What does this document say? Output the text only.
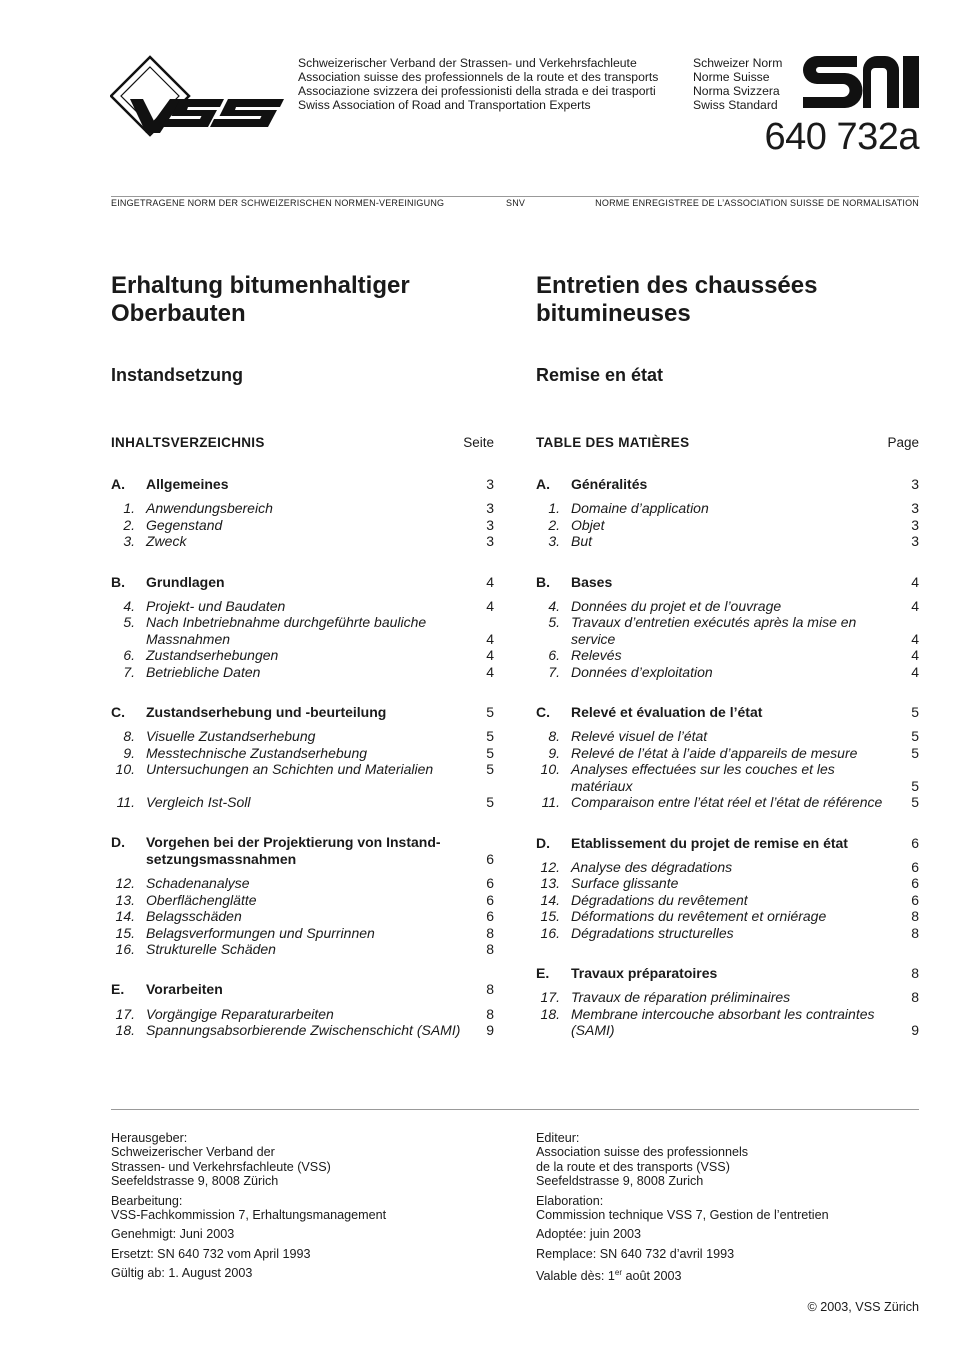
Schweizerischer Verband der Strassen- und Verkehrsfachleute
Association suisse des professionnels de la route et des transports
Associazione svizzera dei professionisti della strada e dei trasporti
Swiss Association of Road and Transportation Experts
Schweizer Norm
Norme Suisse
Norma Svizzera
Swiss Standard
640 732a
EINGETRAGENE NORM DER SCHWEIZERISCHEN NORMEN-VEREINIGUNG	SNV	NORME ENREGISTREE DE L’ASSOCIATION SUISSE DE NORMALISATION
Erhaltung bitumenhaltiger Oberbauten
Instandsetzung
INHALTSVERZEICHNIS	Seite
A. Allgemeines	3
1. Anwendungsbereich	3
2. Gegenstand	3
3. Zweck	3
B. Grundlagen	4
4. Projekt- und Baudaten	4
5. Nach Inbetriebnahme durchgeführte bauliche Massnahmen	4
6. Zustandserhebungen	4
7. Betriebliche Daten	4
C. Zustandserhebung und -beurteilung	5
8. Visuelle Zustandserhebung	5
9. Messtechnische Zustandserhebung	5
10. Untersuchungen an Schichten und Materialien	5
11. Vergleich Ist-Soll	5
D. Vorgehen bei der Projektierung von Instand-setzungsmassnahmen	6
12. Schadenanalyse	6
13. Oberflächenglätte	6
14. Belagsschäden	6
15. Belagsverformungen und Spurrinnen	8
16. Strukturelle Schäden	8
E. Vorarbeiten	8
17. Vorgängige Reparaturarbeiten	8
18. Spannungsabsorbierende Zwischenschicht (SAMI)	9
Entretien des chaussées bitumineuses
Remise en état
TABLE DES MATIÈRES	Page
A. Généralités	3
1. Domaine d’application	3
2. Objet	3
3. But	3
B. Bases	4
4. Données du projet et de l’ouvrage	4
5. Travaux d’entretien exécutés après la mise en service	4
6. Relevés	4
7. Données d’exploitation	4
C. Relevé et évaluation de l’état	5
8. Relevé visuel de l’état	5
9. Relevé de l’état à l’aide d’appareils de mesure	5
10. Analyses effectuées sur les couches et les matériaux	5
11. Comparaison entre l’état réel et l’état de référence	5
D. Etablissement du projet de remise en état	6
12. Analyse des dégradations	6
13. Surface glissante	6
14. Dégradations du revêtement	6
15. Déformations du revêtement et orniérage	8
16. Dégradations structurelles	8
E. Travaux préparatoires	8
17. Travaux de réparation préliminaires	8
18. Membrane intercouche absorbant les contraintes (SAMI)	9
Herausgeber:
Schweizerischer Verband der
Strassen- und Verkehrsfachleute (VSS)
Seefeldstrasse 9, 8008 Zürich
Bearbeitung:
VSS-Fachkommission 7, Erhaltungsmanagement
Genehmigt: Juni 2003
Ersetzt: SN 640 732 vom April 1993
Gültig ab: 1. August 2003
Editeur:
Association suisse des professionnels
de la route et des transports (VSS)
Seefeldstrasse 9, 8008 Zurich
Elaboration:
Commission technique VSS 7, Gestion de l’entretien
Adoptée: juin 2003
Remplace: SN 640 732 d’avril 1993
Valable dès: 1er août 2003
© 2003, VSS Zürich
